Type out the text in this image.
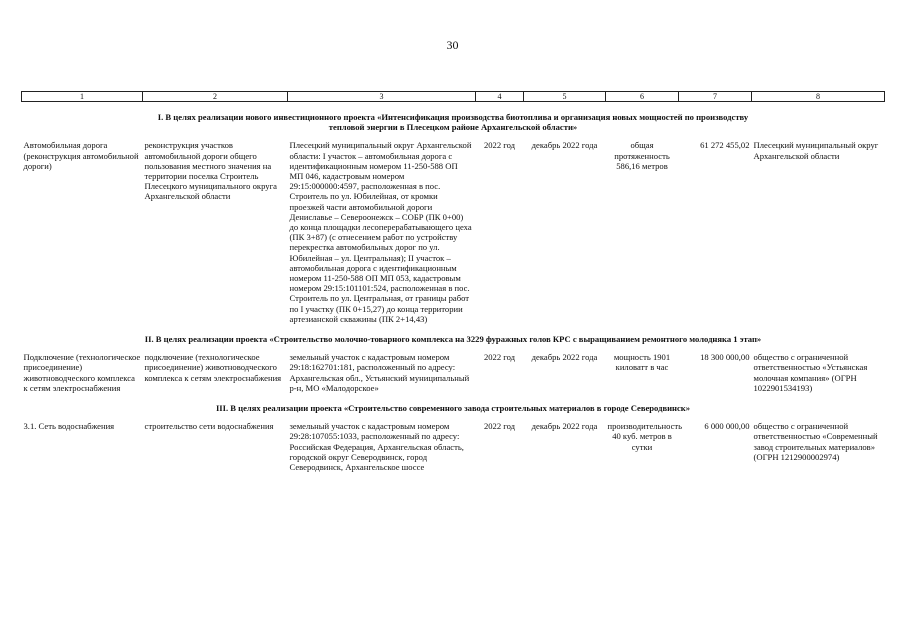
30
1	2	3	4	5	6	7	8
I. В целях реализации нового инвестиционного проекта «Интенсификация производства биотоплива и организация новых мощностей по производству тепловой энергии в Плесецком районе Архангельской области»							
Автомобильная дорога (реконструкция автомобильной дороги)	реконструкция участков автомобильной дороги общего пользования местного значения на территории поселка Строитель Плесецкого муниципального округа Архангельской области	Плесецкий муниципальный округ Архангельской области: I участок – автомобильная дорога с идентификационным номером 11-250-588 ОП МП 046, кадастровым номером 29:15:000000:4597, расположенная в пос. Строитель по ул. Юбилейная, от кромки проезжей части автомобильной дороги Дениславье – Североонежск – СОБР (ПК 0+00) до конца площадки лесоперерабатывающего цеха (ПК 3+87) (с отнесением работ по устройству перекрестка автомобильных дорог по ул. Юбилейная – ул. Центральная); II участок – автомобильная дорога с идентификационным номером 11-250-588 ОП МП 053, кадастровым номером 29:15:101101:524, расположенная в пос. Строитель по ул. Центральная, от границы работ по I участку (ПК 0+15,27) до конца территории артезианской скважины (ПК 2+14,43)	2022 год	декабрь 2022 года	общая протяженность 586,16 метров	61 272 455,02	Плесецкий муниципальный округ Архангельской области
II. В целях реализации проекта «Строительство молочно-товарного комплекса на 3229 фуражных голов КРС с выращиванием ремонтного молодняка 1 этап»							
Подключение (технологическое присоединение) животноводческого комплекса к сетям электроснабжения	подключение (технологическое присоединение) животноводческого комплекса к сетям электроснабжения	земельный участок с кадастровым номером 29:18:162701:181, расположенный по адресу: Архангельская обл., Устьянский муниципальный р-н, МО «Малодорское»	2022 год	декабрь 2022 года	мощность 1901 киловатт в час	18 300 000,00	общество с ограниченной ответственностью «Устьянская молочная компания» (ОГРН 1022901534193)
III. В целях реализации проекта «Строительство современного завода строительных материалов в городе Северодвинск»							
3.1. Сеть водоснабжения	строительство сети водоснабжения	земельный участок с кадастровым номером 29:28:107055:1033, расположенный по адресу: Российская Федерация, Архангельская область, городской округ Северодвинск, город Северодвинск, Архангельское шоссе	2022 год	декабрь 2022 года	производительность 40 куб. метров в сутки	6 000 000,00	общество с ограниченной ответственностью «Современный завод строительных материалов» (ОГРН 1212900002974)
